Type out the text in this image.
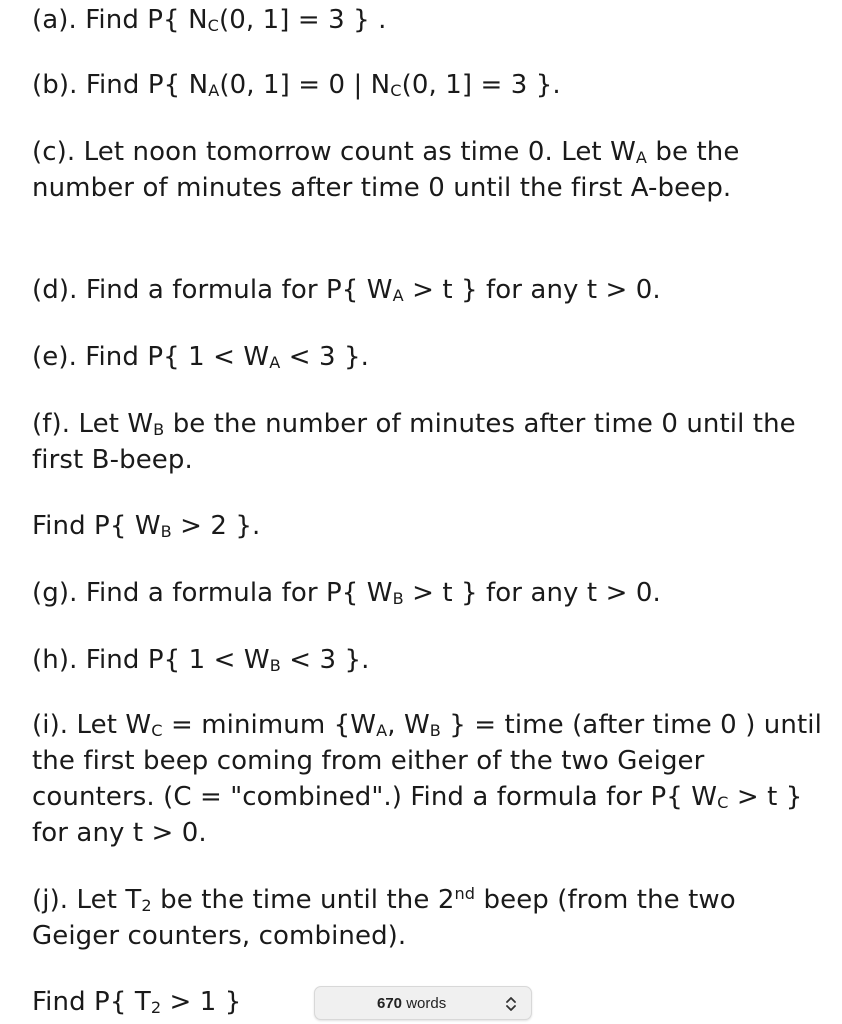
(a). Find P{ $N_C(0$, 1] = 3 } .

(b). Find P{ $N_A(0$, 1] = 0 | $N_C(0$, 1] = 3 }.

(c). Let noon tomorrow count as time 0. Let $W_A$ be the number of minutes after time 0 until the first A-beep.

(d). Find a formula for P{ $W_A > t$ } for any t > 0.

(e). Find P{ $1 < W_A < 3$ }.

(f). Let $W_B$ be the number of minutes after time 0 until the first B-beep.

Find P{ $W_B > 2$ }.

(g). Find a formula for P{ $W_B > t$ } for any t > 0.

(h). Find P{ $1 < W_B < 3$ }.

(i). Let $W_C$ = minimum {$W_A$, $W_B$ } = time (after time 0 ) until the first beep coming from either of the two Geiger counters. (C = "combined".) Find a formula for P{ $W_C > t$ } for any t > 0.

(j). Let $T_2$ be the time until the 2nd beep (from the two Geiger counters, combined).

Find P{ $T_2 > 1$ }	670 words
